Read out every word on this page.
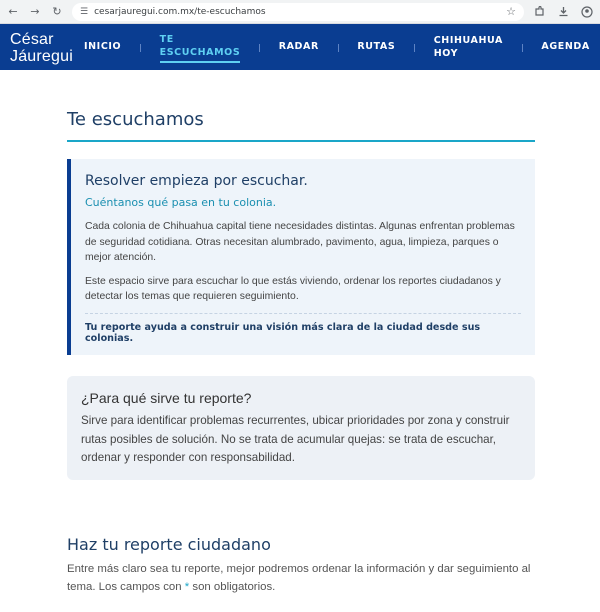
← → ↻ ☰ cesarjauregui.com.mx/te-escuchamos	☆
César
Jáuregui
INICIO
TE
ESCUCHAMOS	RADAR	RUTAS
CHIHUAHUA
HOY
AGENDA
Te escuchamos
Resolver empieza por escuchar.
Cuéntanos qué pasa en tu colonia.

Cada colonia de Chihuahua capital tiene necesidades distintas. Algunas enfrentan problemas de seguridad cotidiana. Otras necesitan alumbrado, pavimento, agua, limpieza, parques o mejor atención.

Este espacio sirve para escuchar lo que estás viviendo, ordenar los reportes ciudadanos y detectar los temas que requieren seguimiento.

Tu reporte ayuda a construir una visión más clara de la ciudad desde sus colonias.
¿Para qué sirve tu reporte?

Sirve para identificar problemas recurrentes, ubicar prioridades por zona y construir rutas posibles de solución. No se trata de acumular quejas: se trata de escuchar, ordenar y responder con responsabilidad.

Haz tu reporte ciudadano

Entre más claro sea tu reporte, mejor podremos ordenar la información y dar seguimiento al tema. Los campos con * son obligatorios.
